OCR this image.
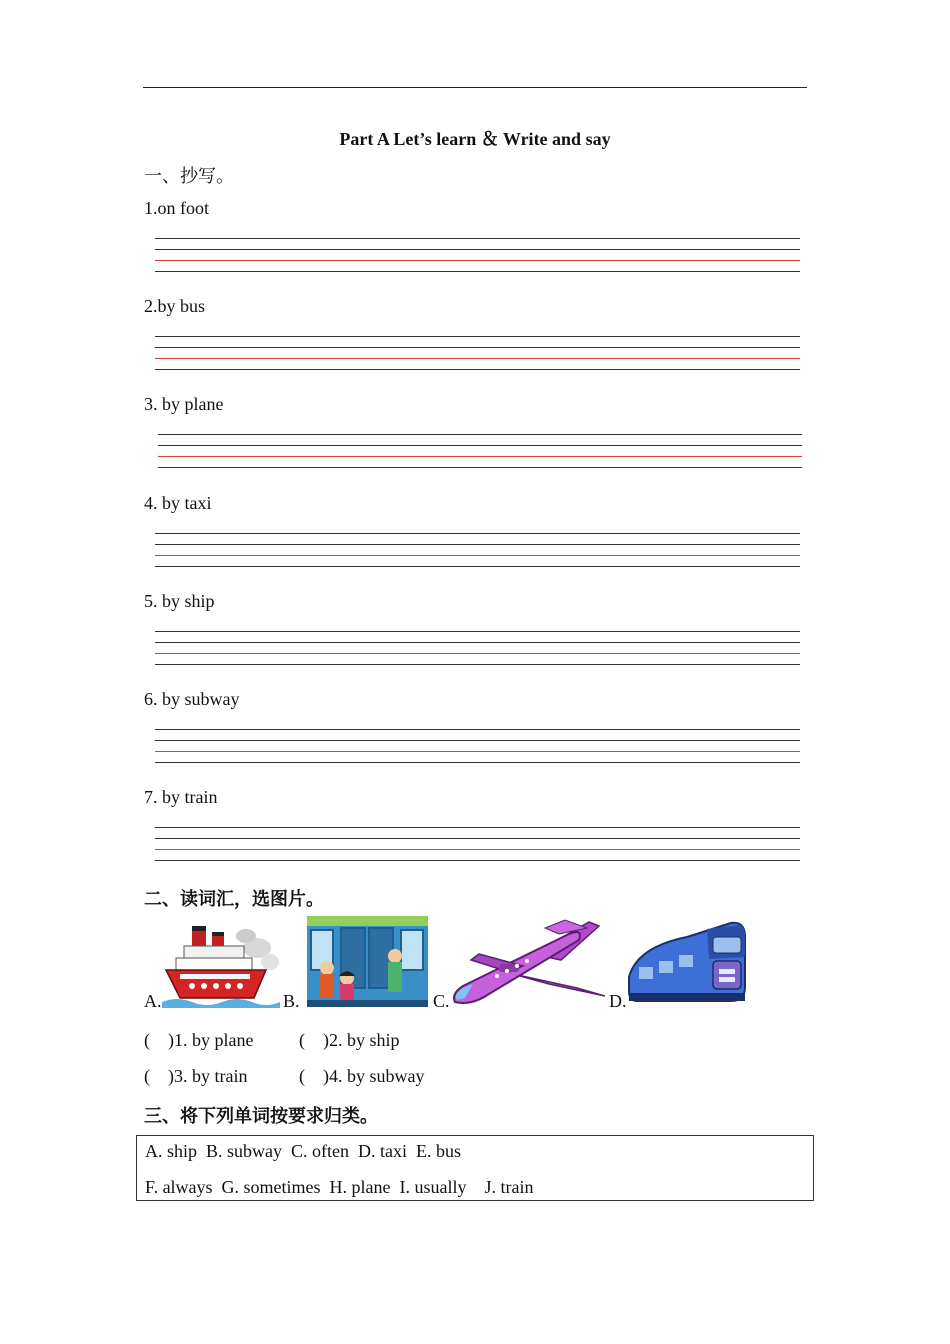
Part A Let’s learn ＆ Write and say
一、抄写。
1.on foot
2.by bus
3. by plane
4. by taxi
5. by ship
6. by subway
7. by train
二、读词汇，选图片。
A.	B.	C.	D.
(    )1. by plane	(    )2. by ship
(    )3. by train	(    )4. by subway
三、将下列单词按要求归类。
A. ship  B. subway  C. often  D. taxi  E. bus
F. always  G. sometimes  H. plane  I. usually    J. train
